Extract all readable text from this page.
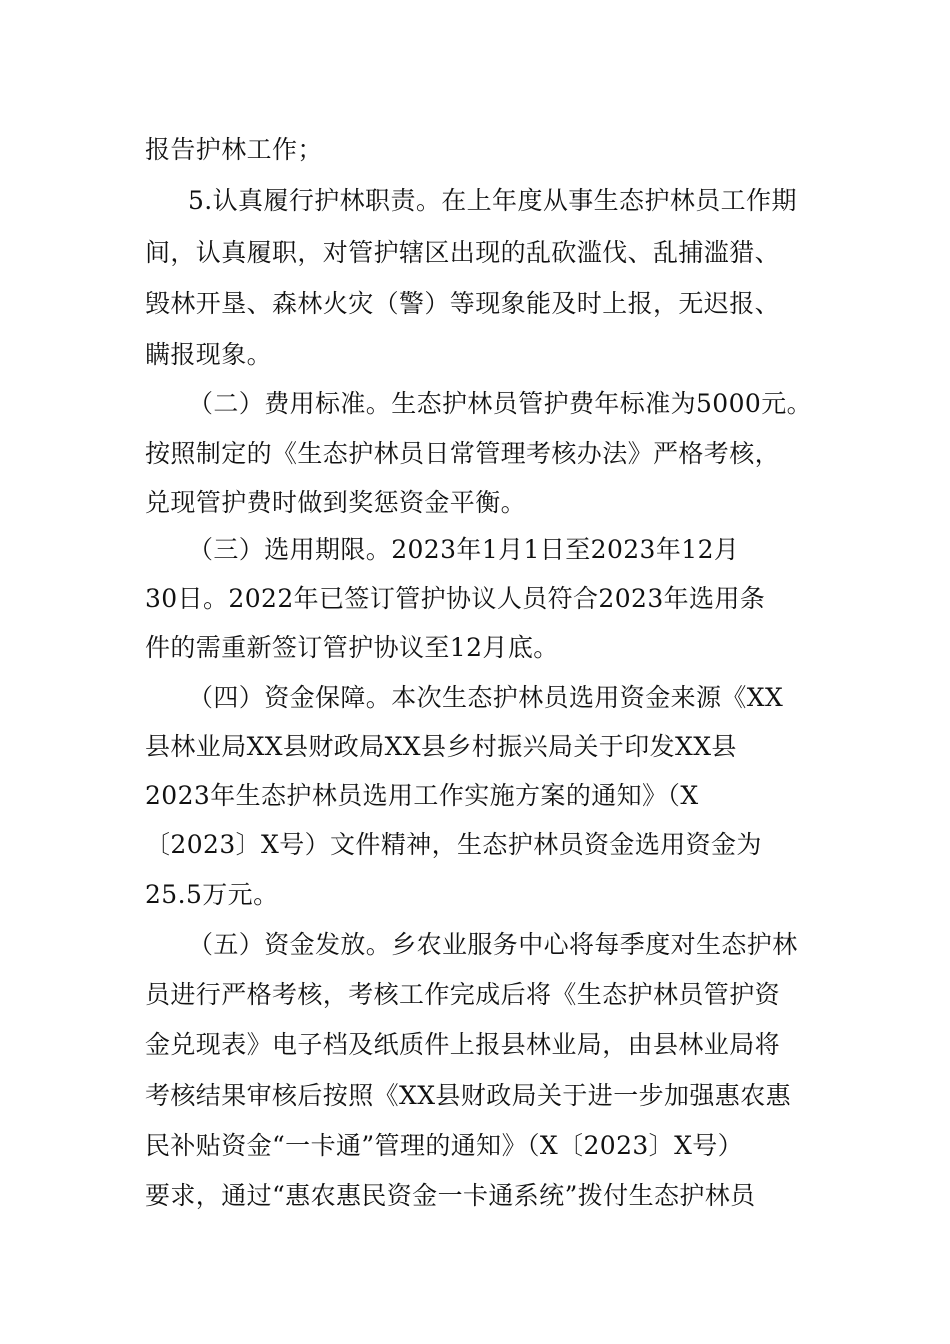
报告护林工作；
5.认真履行护林职责。在上年度从事生态护林员工作期
间，认真履职，对管护辖区出现的乱砍滥伐、乱捕滥猎、
毁林开垦、森林火灾（警）等现象能及时上报，无迟报、
瞒报现象。
（二）费用标准。生态护林员管护费年标准为5000元。
按照制定的《生态护林员日常管理考核办法》严格考核，
兑现管护费时做到奖惩资金平衡。
（三）选用期限。2023年1月1日至2023年12月
30日。2022年已签订管护协议人员符合2023年选用条
件的需重新签订管护协议至12月底。
（四）资金保障。本次生态护林员选用资金来源《XX
县林业局XX县财政局XX县乡村振兴局关于印发XX县
2023年生态护林员选用工作实施方案的通知》（X
〔2023〕X号）文件精神，生态护林员资金选用资金为
25.5万元。
（五）资金发放。乡农业服务中心将每季度对生态护林
员进行严格考核，考核工作完成后将《生态护林员管护资
金兑现表》电子档及纸质件上报县林业局，由县林业局将
考核结果审核后按照《XX县财政局关于进一步加强惠农惠
民补贴资金“一卡通”管理的通知》（X〔2023〕X号）
要求，通过“惠农惠民资金一卡通系统”拨付生态护林员
